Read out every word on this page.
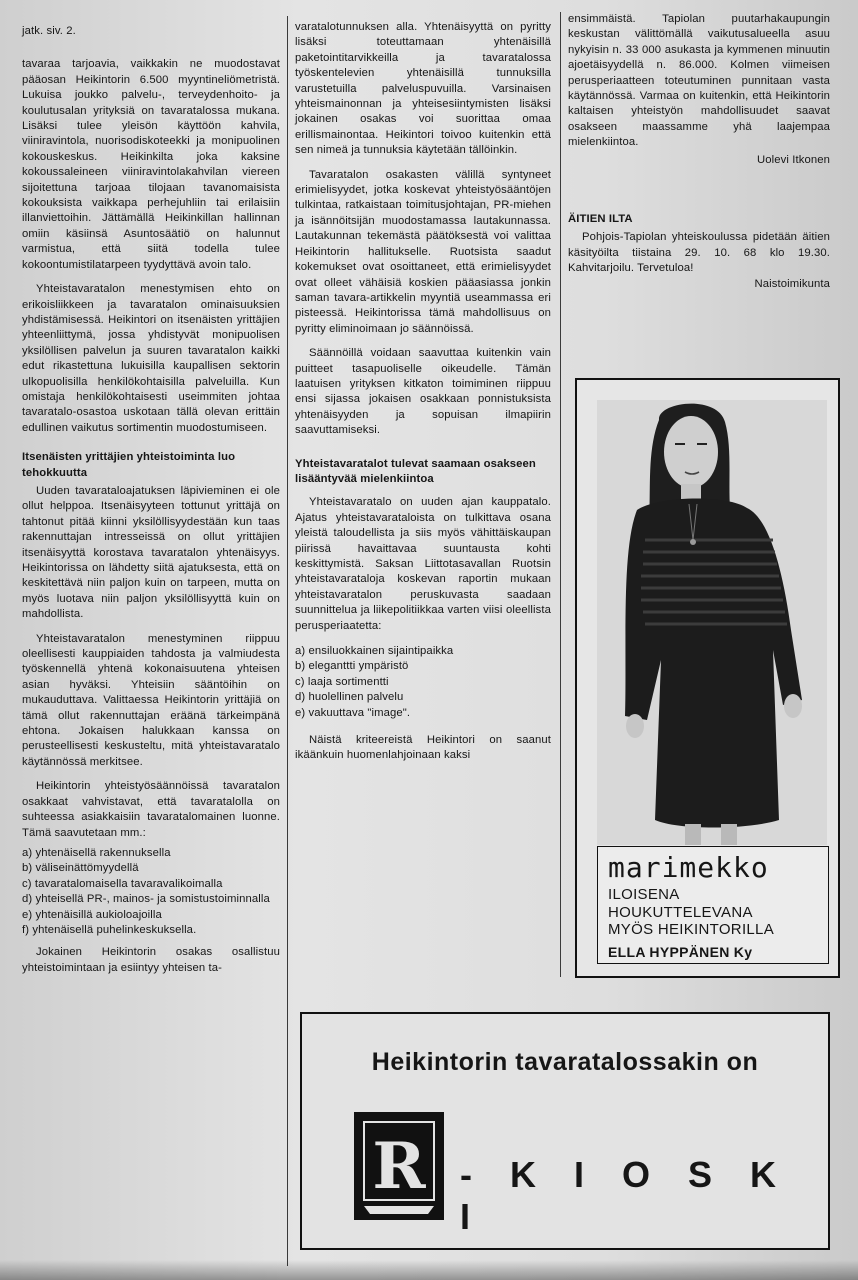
jatk. siv. 2.

tavaraa tarjoavia, vaikkakin ne muodostavat pääosan Heikintorin 6.500 myyntineliömetristä. Lukuisa joukko palvelu-, terveydenhoito- ja koulutusalan yrityksiä on tavaratalossa mukana. Lisäksi tulee yleisön käyttöön kahvila, viiniravintola, nuorisodiskoteekki ja monipuolinen kokouskeskus. Heikinkilta joka kaksine kokoussaleineen viiniravintolakahvilan viereen sijoitettuna tarjoaa tilojaan tavanomaisista kokouksista vaikkapa perhejuhliin tai erilaisiin illanviettoihin. Jättämällä Heikinkillan hallinnan omiin käsiinsä Asuntosäätiö on halunnut varmistua, että siitä todella tulee kokoontumistilatarpeen tyydyttävä avoin talo.

Yhteistavaratalon menestymisen ehto on erikoisliikkeen ja tavaratalon ominaisuuksien yhdistämisessä. Heikintori on itsenäisten yrittäjien yhteenliittymä, jossa yhdistyvät monipuolisen yksilöllisen palvelun ja suuren tavaratalon kaikki edut rikastettuna lukuisilla kaupallisen sektorin ulkopuolisilla henkilökohtaisilla palveluilla. Kun omistaja henkilökohtaisesti useimmiten johtaa tavaratalo-osastoa uskotaan tällä olevan erittäin edullinen vaikutus sortimentin muodostumiseen.

Itsenäisten yrittäjien yhteistoiminta luo tehokkuutta

Uuden tavarataloajatuksen läpivieminen ei ole ollut helppoa. Itsenäisyyteen tottunut yrittäjä on tahtonut pitää kiinni yksilöllisyydestään kun taas rakennuttajan intresseissä on ollut yrittäjien itsenäisyyttä korostava tavaratalon yhtenäisyys. Heikintorissa on lähdetty siitä ajatuksesta, että on keskitettävä niin paljon kuin on tarpeen, mutta on myös luotava niin paljon yksilöllisyyttä kuin on mahdollista.

Yhteistavaratalon menestyminen riippuu oleellisesti kauppiaiden tahdosta ja valmiudesta työskennellä yhtenä kokonaisuutena yhteisen asian hyväksi. Yhteisiin sääntöihin on mukauduttava. Valittaessa Heikintorin yrittäjiä on tämä ollut rakennuttajan eräänä tärkeimpänä ehtona. Jokaisen halukkaan kanssa on perusteellisesti keskusteltu, mitä yhteistavaratalo käytännössä merkitsee.

Heikintorin yhteistyösäännöissä tavaratalon osakkaat vahvistavat, että tavaratalolla on suhteessa asiakkaisiin tavaratalomainen luonne. Tämä saavutetaan mm.:

a) yhtenäisellä rakennuksella
b) väliseinättömyydellä
c) tavaratalomaisella tavaravalikoimalla
d) yhteisellä PR-, mainos- ja somistustoiminnalla
e) yhtenäisillä aukioloajoilla
f) yhtenäisellä puhelinkeskuksella.

Jokainen Heikintorin osakas osallistuu yhteistoimintaan ja esiintyy yhteisen ta-

varatalotunnuksen alla. Yhtenäisyyttä on pyritty lisäksi toteuttamaan yhtenäisillä paketointitarvikkeilla ja tavaratalossa työskentelevien yhtenäisillä tunnuksilla varustetuilla palveluspuvuilla. Varsinaisen yhteismainonnan ja yhteisesiintymisten lisäksi jokainen osakas voi suorittaa omaa erillismainontaa. Heikintori toivoo kuitenkin että sen nimeä ja tunnuksia käytetään tällöinkin.

Tavaratalon osakasten välillä syntyneet erimielisyydet, jotka koskevat yhteistyösääntöjen tulkintaa, ratkaistaan toimitusjohtajan, PR-miehen ja isännöitsijän muodostamassa lautakunnassa. Lautakunnan tekemästä päätöksestä voi valittaa Heikintorin hallitukselle. Ruotsista saadut kokemukset ovat osoittaneet, että erimielisyydet ovat olleet vähäisiä koskien pääasiassa jonkin saman tavara-artikkelin myyntiä useammassa eri pisteessä. Heikintorissa tämä mahdollisuus on pyritty eliminoimaan jo säännöissä.

Säännöillä voidaan saavuttaa kuitenkin vain puitteet tasapuoliselle oikeudelle. Tämän laatuisen yrityksen kitkaton toimiminen riippuu ensi sijassa jokaisen osakkaan ponnistuksista yhtenäisyyden ja sopuisan ilmapiirin saavuttamiseksi.

Yhteistavaratalot tulevat saamaan osakseen lisääntyvää mielenkiintoa

Yhteistavaratalo on uuden ajan kauppatalo. Ajatus yhteistavarataloista on tulkittava osana yleistä taloudellista ja siis myös vähittäiskaupan piirissä havaittavaa suuntausta kohti keskittymistä. Saksan Liittotasavallan Ruotsin yhteistavarataloja koskevan raportin mukaan yhteistavaratalon peruskuvasta saadaan suunnittelua ja liikepolitiikkaa varten viisi oleellista perusperiaatetta:

a) ensiluokkainen sijaintipaikka
b) eleganttti ympäristö
c) laaja sortimentti
d) huolellinen palvelu
e) vakuuttava "image".

Näistä kriteereistä Heikintori on saanut ikäänkuin huomenlahjoinaan kaksi

ensimmäistä. Tapiolan puutarhakaupungin keskustan välittömällä vaikutusalueella asuu nykyisin n. 33 000 asukasta ja kymmenen minuutin ajoetäisyydellä n. 86.000. Kolmen viimeisen perusperiaatteen toteutuminen punnitaan vasta käytännössä. Varmaa on kuitenkin, että Heikintorin kaltaisen yhteistyön mahdollisuudet saavat osakseen maassamme yhä laajempaa mielenkiintoa.

Uolevi Itkonen
ÄITIEN ILTA

Pohjois-Tapiolan yhteiskoulussa pidetään äitien käsityöilta tiistaina 29. 10. 68 klo 19.30. Kahvitarjoilu. Tervetuloa!

Naistoimikunta
marimekko
ILOISENA
HOUKUTTELEVANA
MYÖS HEIKINTORILLA
ELLA HYPPÄNEN Ky
Heikintorin tavaratalossakin on
R - K I O S K I
